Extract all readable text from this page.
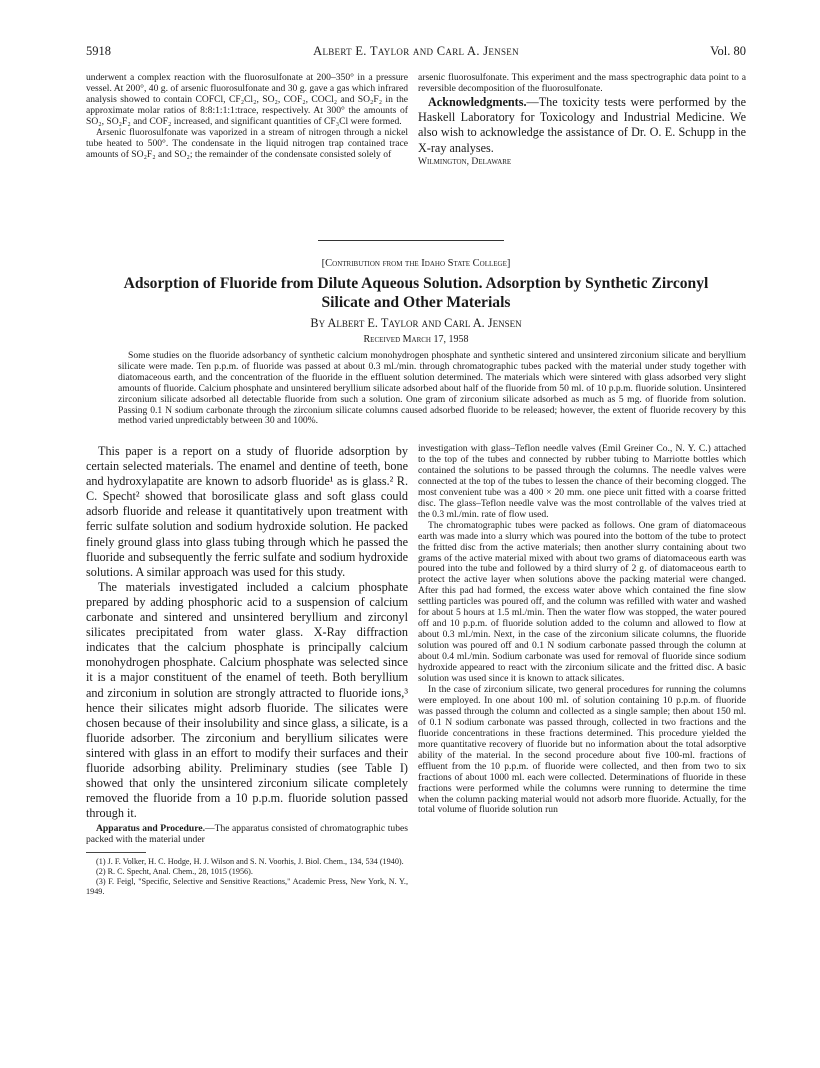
5918	Albert E. Taylor and Carl A. Jensen	Vol. 80

underwent a complex reaction with the fluorosulfonate at 200–350° in a pressure vessel. At 200°, 40 g. of arsenic fluorosulfonate and 30 g. gave a gas which infrared analysis showed to contain COFCl, CF₂Cl₂, SO₂, COF₂, COCl₂ and SO₂F₂ in the approximate molar ratios of 8:8:1:1:1:trace, respectively. At 300° the amounts of SO₂, SO₂F₂ and COF₂ increased, and significant quantities of CF₃Cl were formed.

Arsenic fluorosulfonate was vaporized in a stream of nitrogen through a nickel tube heated to 500°. The condensate in the liquid nitrogen trap contained trace amounts of SO₂F₂ and SO₂; the remainder of the condensate consisted solely of

arsenic fluorosulfonate. This experiment and the mass spectrographic data point to a reversible decomposition of the fluorosulfonate.

Acknowledgments.—The toxicity tests were performed by the Haskell Laboratory for Toxicology and Industrial Medicine. We also wish to acknowledge the assistance of Dr. O. E. Schupp in the X-ray analyses.

Wilmington, Delaware

[Contribution from the Idaho State College]
Adsorption of Fluoride from Dilute Aqueous Solution. Adsorption by Synthetic Zirconyl
Silicate and Other Materials
By Albert E. Taylor and Carl A. Jensen
Received March 17, 1958

Some studies on the fluoride adsorbancy of synthetic calcium monohydrogen phosphate and synthetic sintered and unsintered zirconium silicate and beryllium silicate were made. Ten p.p.m. of fluoride was passed at about 0.3 ml./min. through chromatographic tubes packed with the material under study together with diatomaceous earth, and the concentration of the fluoride in the effluent solution determined. The materials which were sintered with glass adsorbed very slight amounts of fluoride. Calcium phosphate and unsintered beryllium silicate adsorbed about half of the fluoride from 50 ml. of 10 p.p.m. fluoride solution. Unsintered zirconium silicate adsorbed all detectable fluoride from such a solution. One gram of zirconium silicate adsorbed as much as 5 mg. of fluoride from solution. Passing 0.1 N sodium carbonate through the zirconium silicate columns caused adsorbed fluoride to be released; however, the extent of fluoride recovery by this method varied unpredictably between 30 and 100%.

This paper is a report on a study of fluoride adsorption by certain selected materials. The enamel and dentine of teeth, bone and hydroxylapatite are known to adsorb fluoride¹ as is glass.² R. C. Specht² showed that borosilicate glass and soft glass could adsorb fluoride and release it quantitatively upon treatment with ferric sulfate solution and sodium hydroxide solution. He packed finely ground glass into glass tubing through which he passed the fluoride and subsequently the ferric sulfate and sodium hydroxide solutions. A similar approach was used for this study.

The materials investigated included a calcium phosphate prepared by adding phosphoric acid to a suspension of calcium carbonate and sintered and unsintered beryllium and zirconyl silicates precipitated from water glass. X-Ray diffraction indicates that the calcium phosphate is principally calcium monohydrogen phosphate. Calcium phosphate was selected since it is a major constituent of the enamel of teeth. Both beryllium and zirconium in solution are strongly attracted to fluoride ions,³ hence their silicates might adsorb fluoride. The silicates were chosen because of their insolubility and since glass, a silicate, is a fluoride adsorber. The zirconium and beryllium silicates were sintered with glass in an effort to modify their surfaces and their fluoride adsorbing ability. Preliminary studies (see Table I) showed that only the unsintered zirconium silicate completely removed the fluoride from a 10 p.p.m. fluoride solution passed through it.

Apparatus and Procedure.—The apparatus consisted of chromatographic tubes packed with the material under

(1) J. F. Volker, H. C. Hodge, H. J. Wilson and S. N. Voorhis, J. Biol. Chem., 134, 534 (1940).

(2) R. C. Specht, Anal. Chem., 28, 1015 (1956).

(3) F. Feigl, "Specific, Selective and Sensitive Reactions," Academic Press, New York, N. Y., 1949.

investigation with glass–Teflon needle valves (Emil Greiner Co., N. Y. C.) attached to the top of the tubes and connected by rubber tubing to Marriotte bottles which contained the solutions to be passed through the columns. The needle valves were connected at the top of the tubes to lessen the chance of their becoming clogged. The most convenient tube was a 400 × 20 mm. one piece unit fitted with a coarse fritted disc. The glass–Teflon needle valve was the most controllable of the valves tried at the 0.3 ml./min. rate of flow used.

The chromatographic tubes were packed as follows. One gram of diatomaceous earth was made into a slurry which was poured into the bottom of the tube to protect the fritted disc from the active materials; then another slurry containing about two grams of the active material mixed with about two grams of diatomaceous earth was poured into the tube and followed by a third slurry of 2 g. of diatomaceous earth to protect the active layer when solutions above the packing material were changed. After this pad had formed, the excess water above which contained the fine slow settling particles was poured off, and the column was refilled with water and washed for about 5 hours at 1.5 ml./min. Then the water flow was stopped, the water poured off and 10 p.p.m. of fluoride solution added to the column and allowed to flow at about 0.3 ml./min. Next, in the case of the zirconium silicate columns, the fluoride solution was poured off and 0.1 N sodium carbonate passed through the column at about 0.4 ml./min. Sodium carbonate was used for removal of fluoride since sodium hydroxide appeared to react with the zirconium silicate and the fritted disc. A basic solution was used since it is known to attack silicates.

In the case of zirconium silicate, two general procedures for running the columns were employed. In one about 100 ml. of solution containing 10 p.p.m. of fluoride was passed through the column and collected as a single sample; then about 150 ml. of 0.1 N sodium carbonate was passed through, collected in two fractions and the fluoride concentrations in these fractions determined. This procedure yielded the more quantitative recovery of fluoride but no information about the total adsorptive ability of the material. In the second procedure about five 100-ml. fractions of effluent from the 10 p.p.m. of fluoride were collected, and then from two to six fractions of about 1000 ml. each were collected. Determinations of fluoride in these fractions were performed while the columns were running to determine the time when the column packing material would not adsorb more fluoride. Actually, for the total volume of fluoride solution run
